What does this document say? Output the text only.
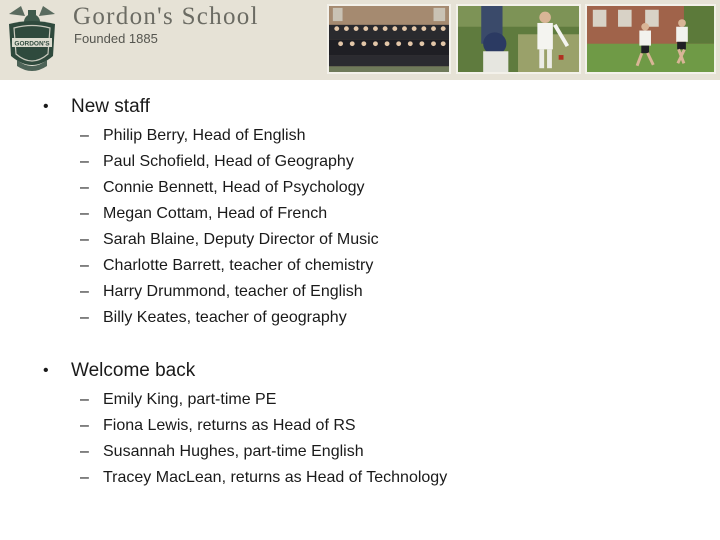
GORDON'S
Gordon's School
Founded 1885
• New staff
– Philip Berry, Head of English
– Paul Schofield, Head of Geography
– Connie Bennett, Head of Psychology
– Megan Cottam, Head of French
– Sarah Blaine, Deputy Director of Music
– Charlotte Barrett, teacher of chemistry
– Harry Drummond, teacher of English
– Billy Keates, teacher of geography
• Welcome back
– Emily King, part-time PE
– Fiona Lewis, returns as Head of RS
– Susannah Hughes, part-time English
– Tracey MacLean, returns as Head of Technology
